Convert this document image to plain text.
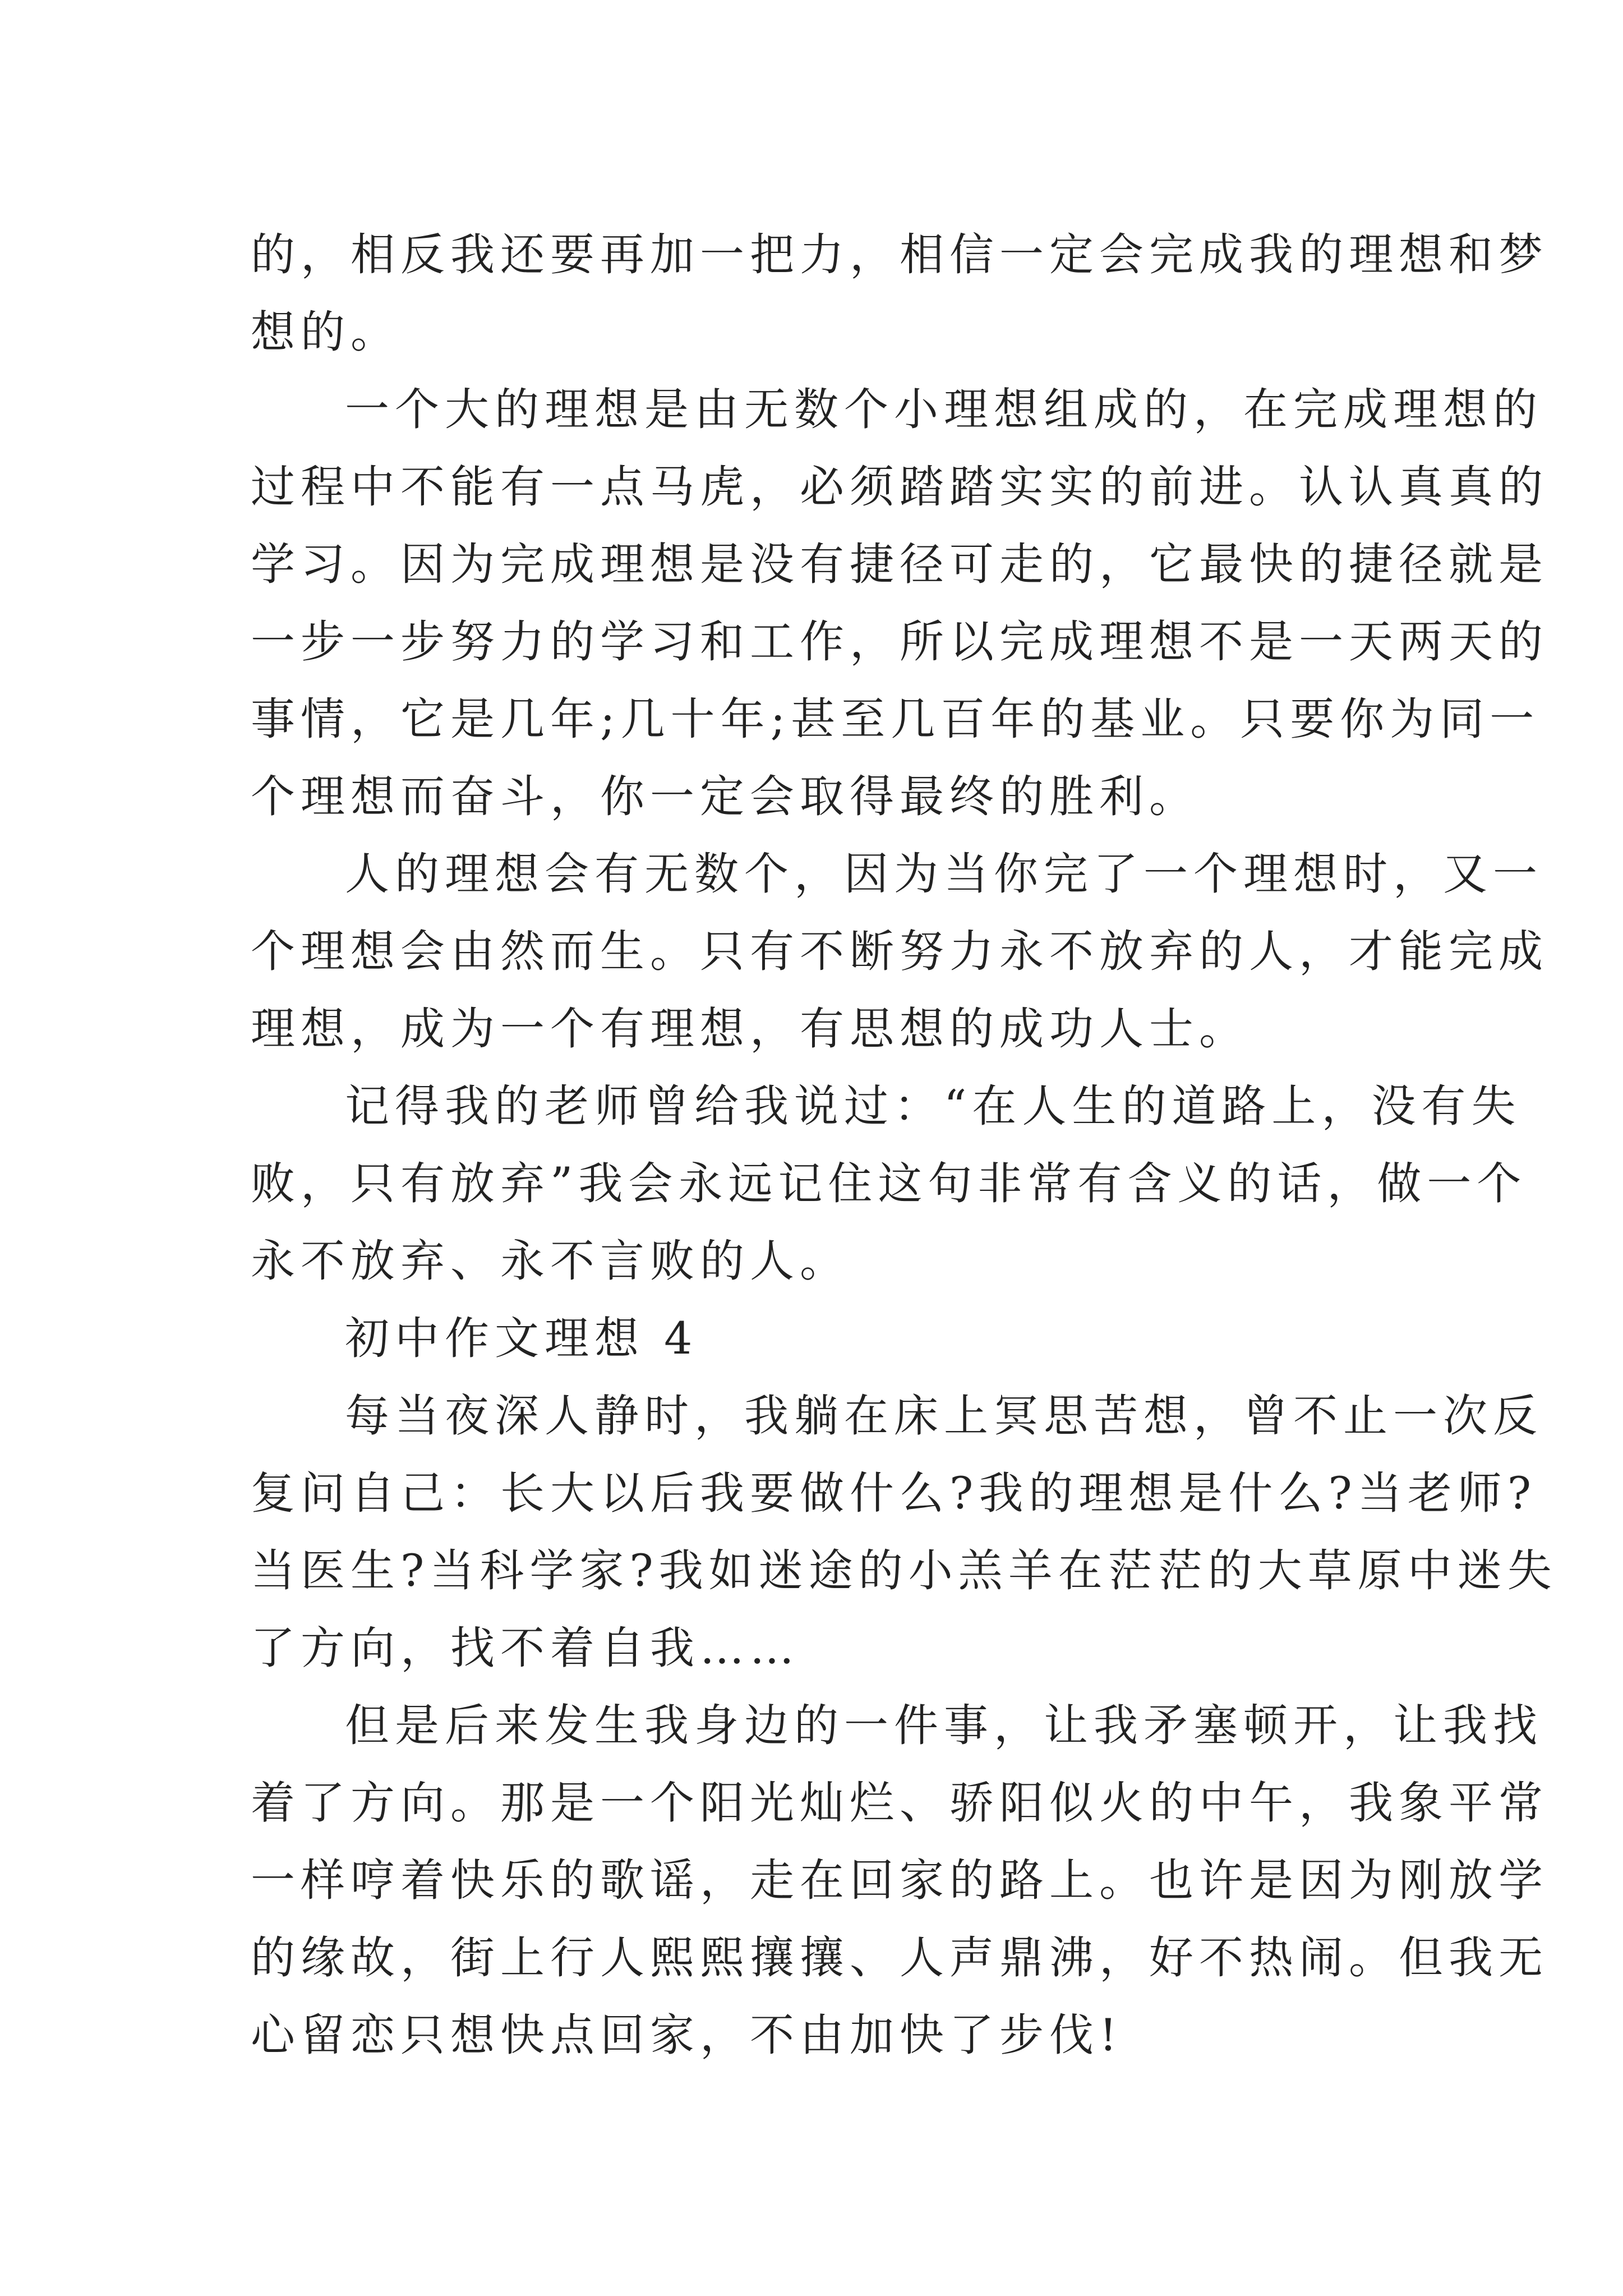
的，相反我还要再加一把力，相信一定会完成我的理想和梦
想的。
一个大的理想是由无数个小理想组成的，在完成理想的
过程中不能有一点马虎，必须踏踏实实的前进。认认真真的
学习。因为完成理想是没有捷径可走的，它最快的捷径就是
一步一步努力的学习和工作，所以完成理想不是一天两天的
事情，它是几年;几十年;甚至几百年的基业。只要你为同一
个理想而奋斗，你一定会取得最终的胜利。
人的理想会有无数个，因为当你完了一个理想时，又一
个理想会由然而生。只有不断努力永不放弃的人，才能完成
理想，成为一个有理想，有思想的成功人士。
记得我的老师曾给我说过：“在人生的道路上，没有失
败，只有放弃”我会永远记住这句非常有含义的话，做一个
永不放弃、永不言败的人。
初中作文理想 4
每当夜深人静时，我躺在床上冥思苦想，曾不止一次反
复问自己：长大以后我要做什么?我的理想是什么?当老师?
当医生?当科学家?我如迷途的小羔羊在茫茫的大草原中迷失
了方向，找不着自我……
但是后来发生我身边的一件事，让我矛塞顿开，让我找
着了方向。那是一个阳光灿烂、骄阳似火的中午，我象平常
一样哼着快乐的歌谣，走在回家的路上。也许是因为刚放学
的缘故，街上行人熙熙攘攘、人声鼎沸，好不热闹。但我无
心留恋只想快点回家，不由加快了步伐!
